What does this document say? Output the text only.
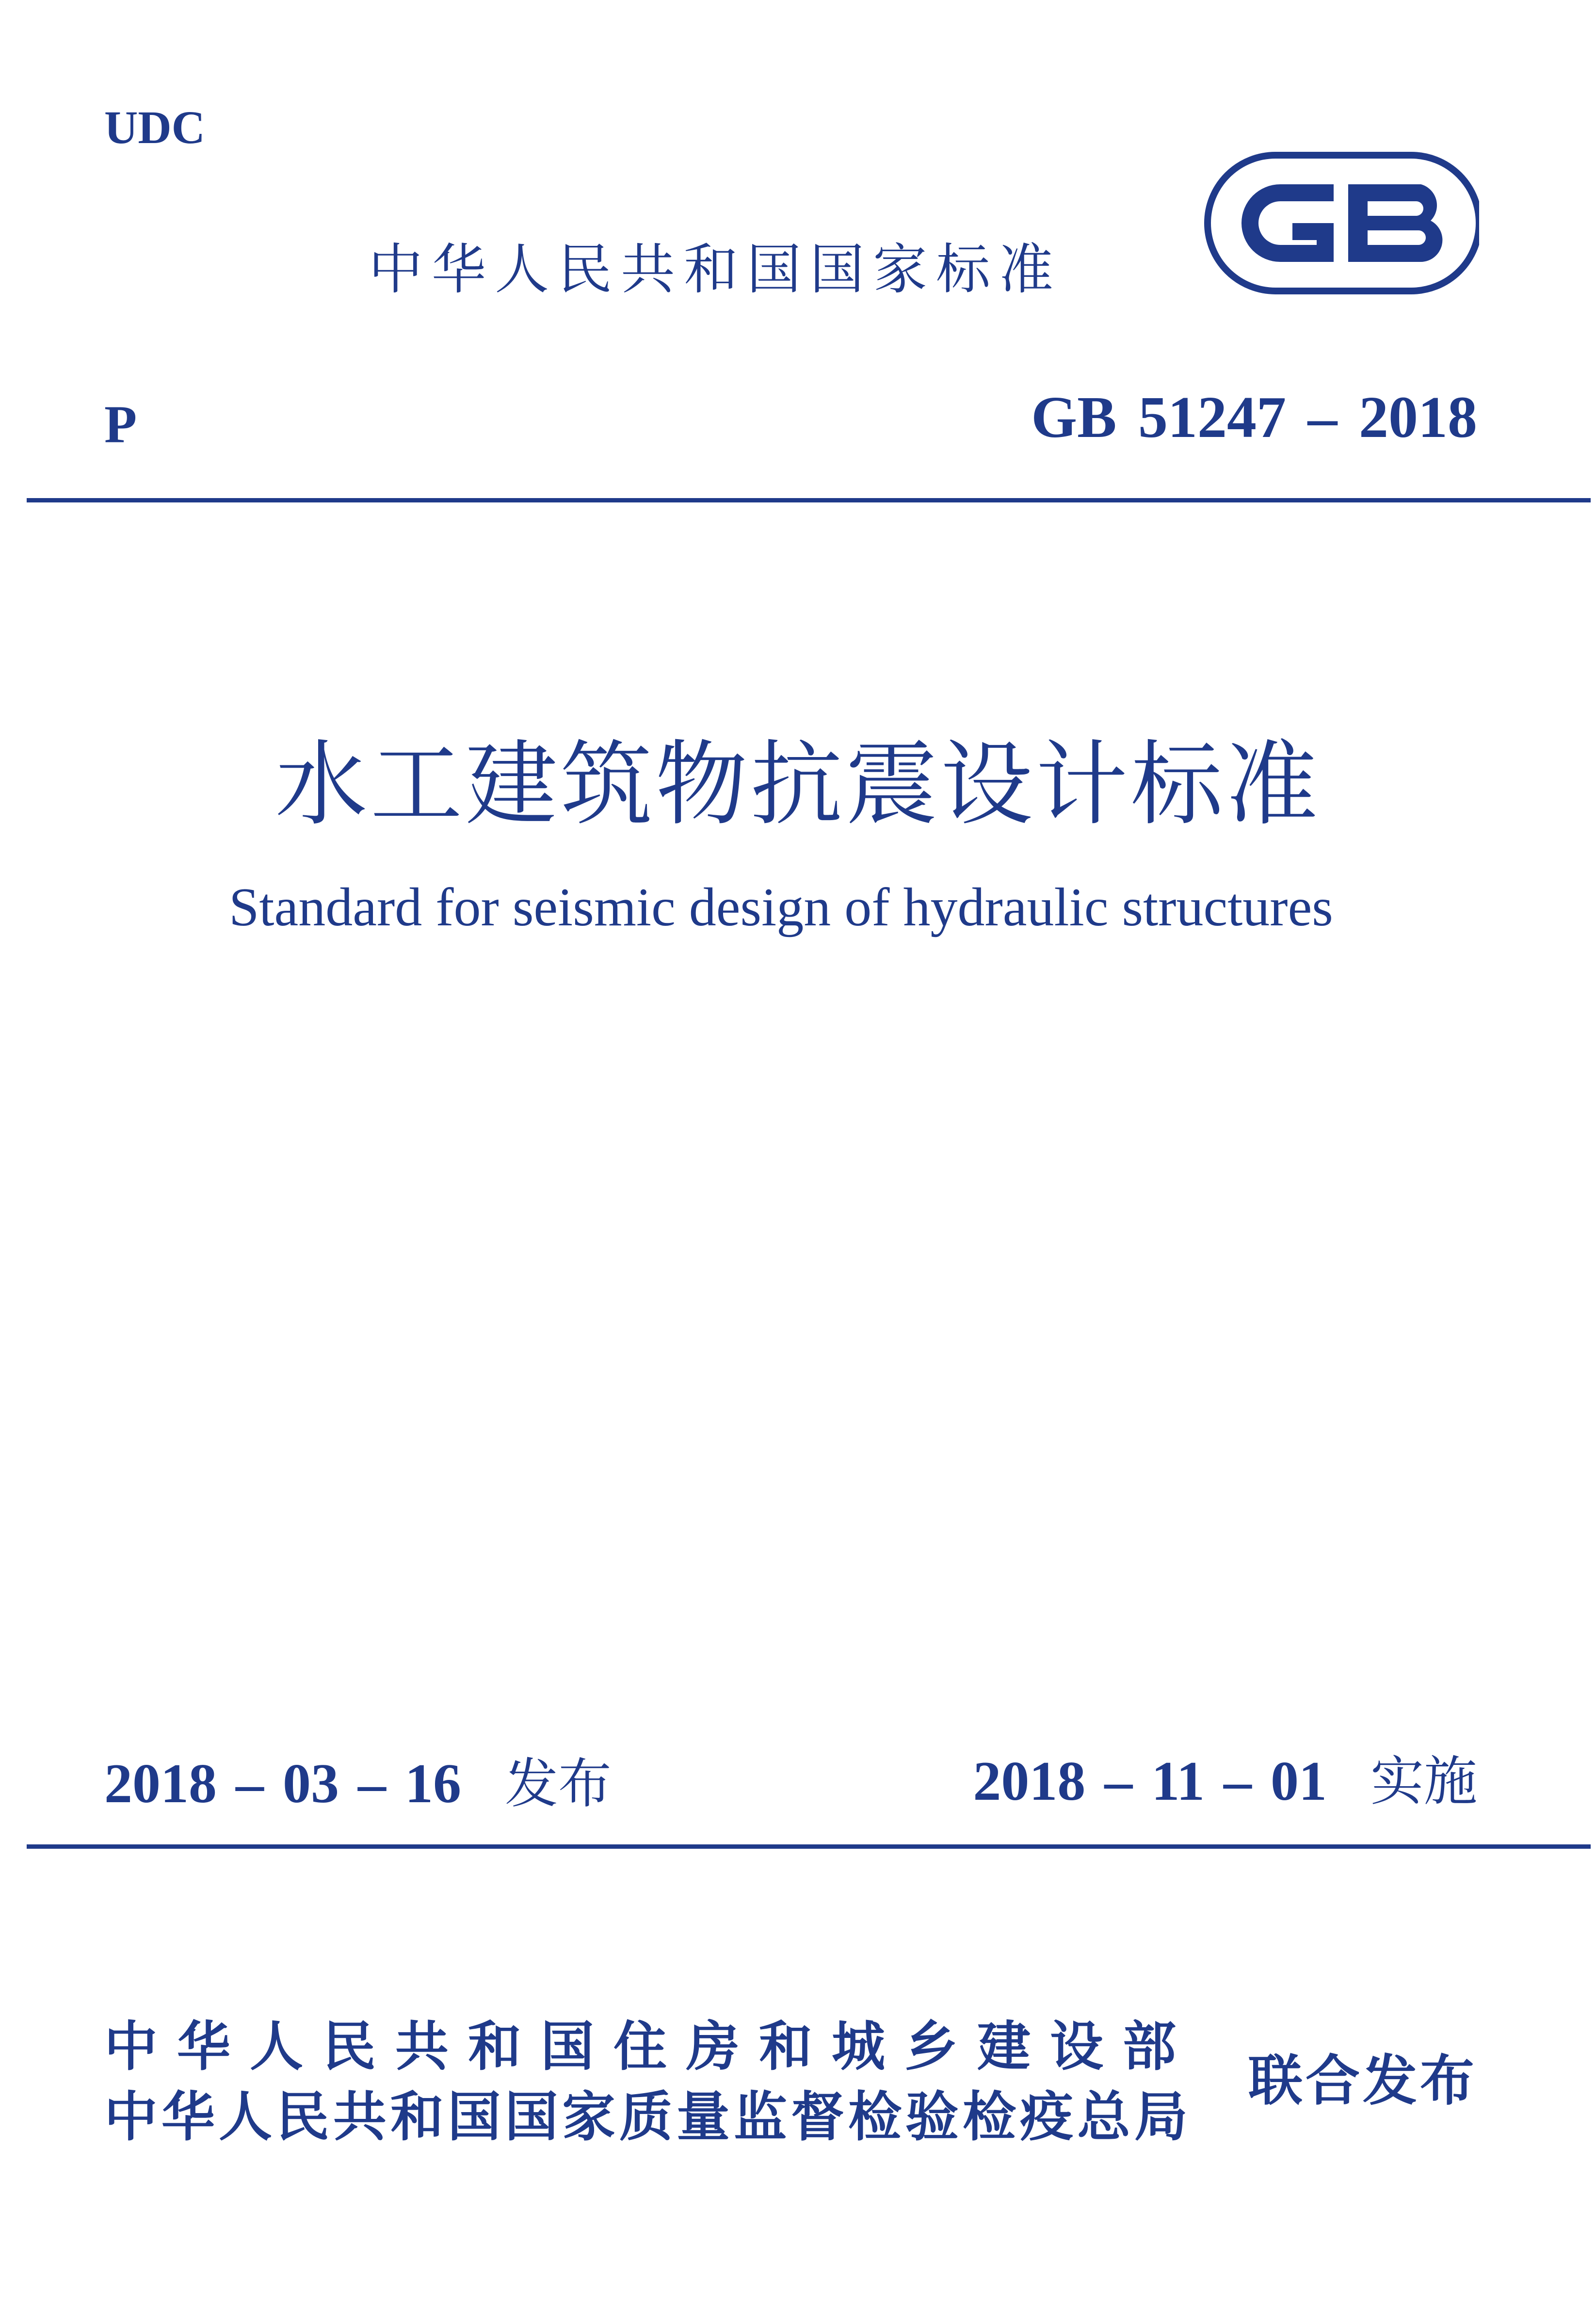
UDC
中华人民共和国国家标准
P	GB 51247 – 2018
水工建筑物抗震设计标准
Standard for seismic design of hydraulic structures
2018 – 03 – 16 发布	2018 – 11 – 01 实施
中华人民共和国住房和城乡建设部
中华人民共和国国家质量监督检验检疫总局
联合发布
